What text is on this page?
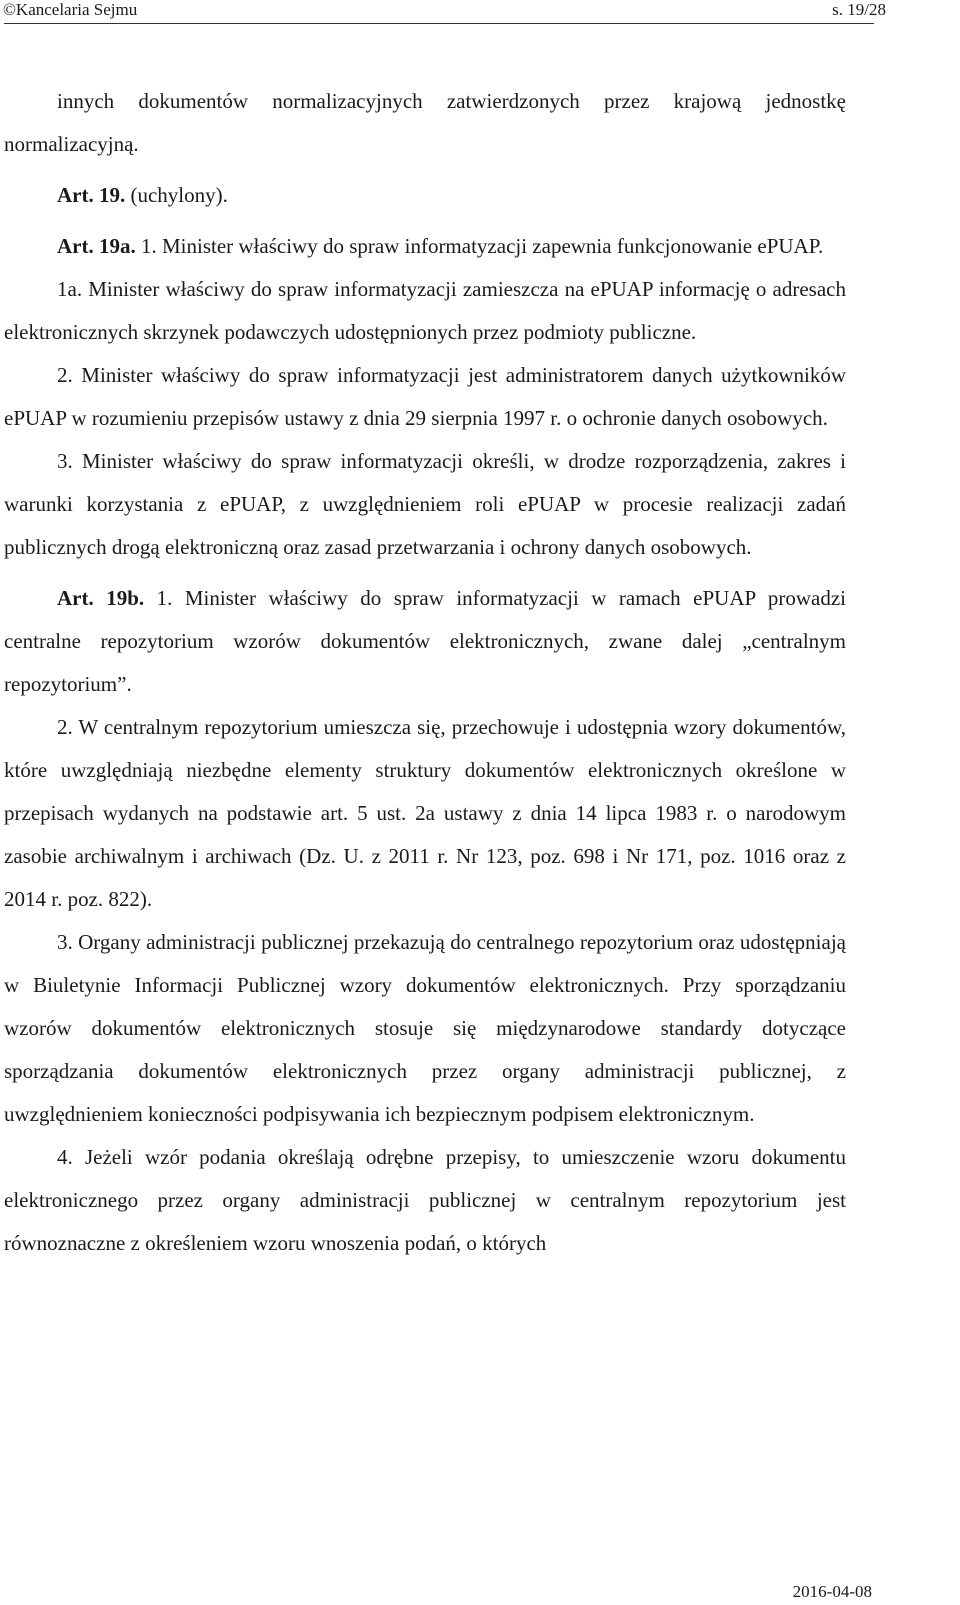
©Kancelaria Sejmu	s. 19/28

innych dokumentów normalizacyjnych zatwierdzonych przez krajową jednostkę normalizacyjną.

Art. 19. (uchylony).

Art. 19a. 1. Minister właściwy do spraw informatyzacji zapewnia funkcjonowanie ePUAP.

1a. Minister właściwy do spraw informatyzacji zamieszcza na ePUAP informację o adresach elektronicznych skrzynek podawczych udostępnionych przez podmioty publiczne.

2. Minister właściwy do spraw informatyzacji jest administratorem danych użytkowników ePUAP w rozumieniu przepisów ustawy z dnia 29 sierpnia 1997 r. o ochronie danych osobowych.

3. Minister właściwy do spraw informatyzacji określi, w drodze rozporządzenia, zakres i warunki korzystania z ePUAP, z uwzględnieniem roli ePUAP w procesie realizacji zadań publicznych drogą elektroniczną oraz zasad przetwarzania i ochrony danych osobowych.

Art. 19b. 1. Minister właściwy do spraw informatyzacji w ramach ePUAP prowadzi centralne repozytorium wzorów dokumentów elektronicznych, zwane dalej „centralnym repozytorium”.

2. W centralnym repozytorium umieszcza się, przechowuje i udostępnia wzory dokumentów, które uwzględniają niezbędne elementy struktury dokumentów elektronicznych określone w przepisach wydanych na podstawie art. 5 ust. 2a ustawy z dnia 14 lipca 1983 r. o narodowym zasobie archiwalnym i archiwach (Dz. U. z 2011 r. Nr 123, poz. 698 i Nr 171, poz. 1016 oraz z 2014 r. poz. 822).

3. Organy administracji publicznej przekazują do centralnego repozytorium oraz udostępniają w Biuletynie Informacji Publicznej wzory dokumentów elektronicznych. Przy sporządzaniu wzorów dokumentów elektronicznych stosuje się międzynarodowe standardy dotyczące sporządzania dokumentów elektronicznych przez organy administracji publicznej, z uwzględnieniem konieczności podpisywania ich bezpiecznym podpisem elektronicznym.

4. Jeżeli wzór podania określają odrębne przepisy, to umieszczenie wzoru dokumentu elektronicznego przez organy administracji publicznej w centralnym repozytorium jest równoznaczne z określeniem wzoru wnoszenia podań, o których

2016-04-08
